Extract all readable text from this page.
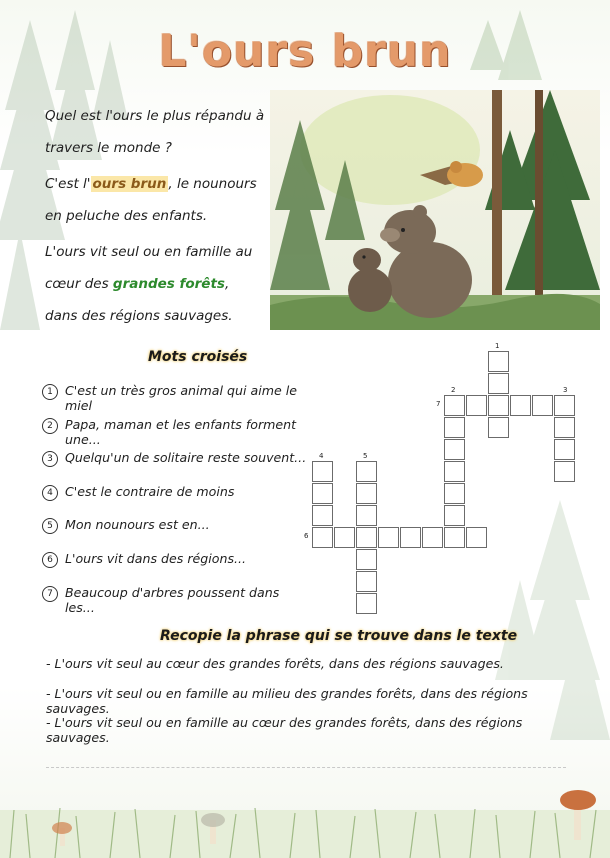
L'ours brun

Quel est l'ours le plus répandu à travers le monde ?

C'est l' ours brun , le nounours en peluche des enfants.

L'ours vit seul ou en famille au cœur des grandes forêts, dans des régions sauvages.

Mots croisés
1 C'est un très gros animal qui aime le miel
2 Papa, maman et les enfants forment une...
3 Quelqu'un de solitaire reste souvent...
4 C'est le contraire de moins
5 Mon nounours est en...
6 L'ours vit dans des régions...
7 Beaucoup d'arbres poussent dans les...
1
2	3
4	5
6
7
Recopie la phrase qui se trouve dans le texte
- L'ours vit seul au cœur des grandes forêts, dans des régions sauvages.
- L'ours vit seul ou en famille au milieu des grandes forêts, dans des régions sauvages.
- L'ours vit seul ou en famille au cœur des grandes forêts, dans des régions sauvages.
